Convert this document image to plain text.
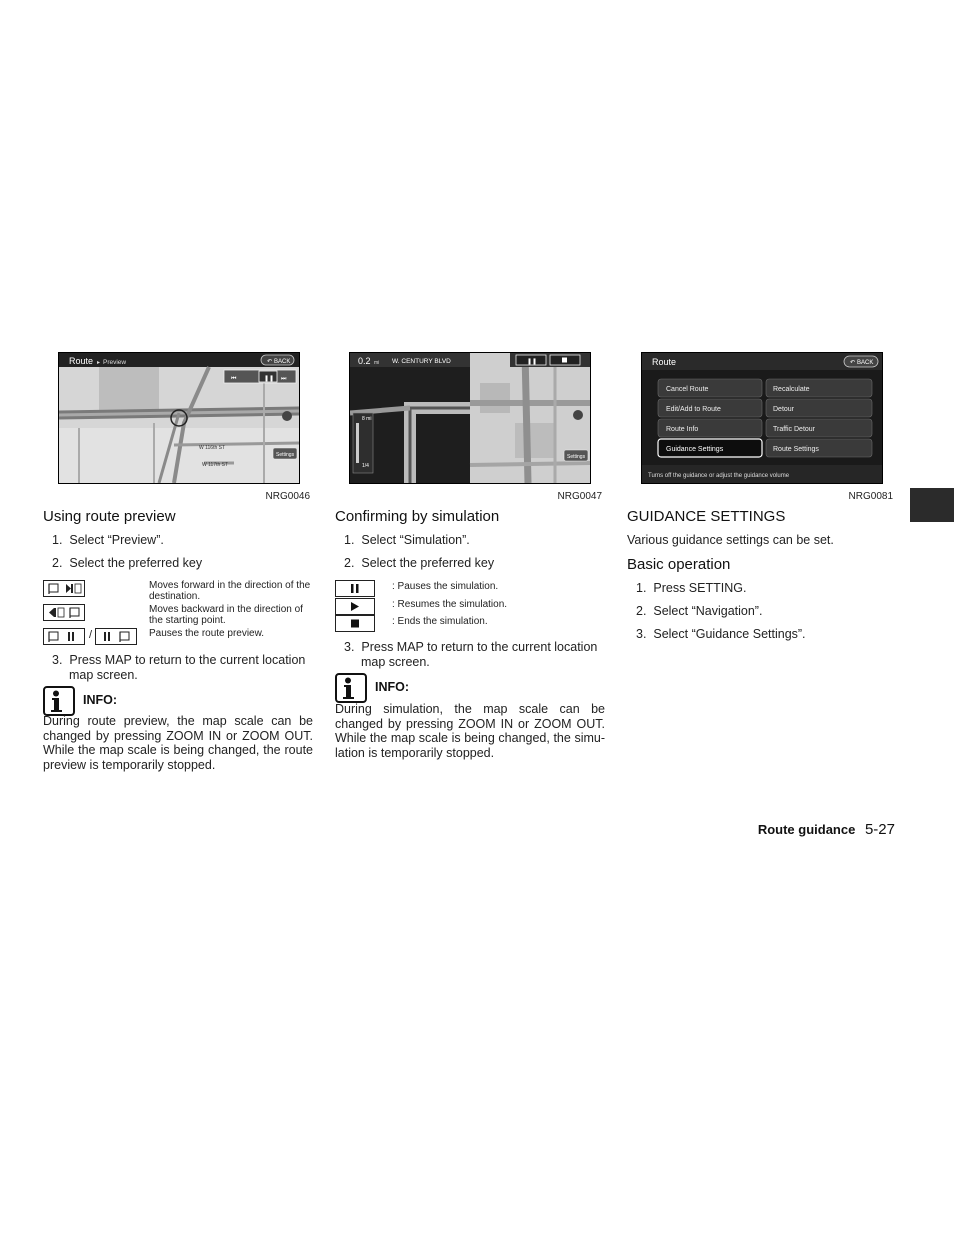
Route ▸ Preview	↶ BACK
W 116th ST
W 117th ST
⏮	❚❚ ⏭
Settings
NRG0046
0.2 mi W. CENTURY BLVD
8 mi
1/4
❚❚
Settings
NRG0047
Route	↶ BACK
Cancel Route
Edit/Add to Route
Route Info
Guidance Settings
Recalculate
Detour
Traffic Detour
Route Settings
Turns off the guidance or adjust the guidance volume
NRG0081
Using route preview

1.  Select “Preview”.

2.  Select the preferred key

Moves forward in the direction of the destination.
Moves backward in the direction of the starting point.
/	Pauses the route preview.

3.  Press MAP to return to the current location map screen.

INFO:

During route preview, the map scale can be changed by pressing ZOOM IN or ZOOM OUT. While the map scale is being changed, the route preview is temporarily stopped.

Confirming by simulation

1.  Select “Simulation”.

2.  Select the preferred key

: Pauses the simulation.
: Resumes the simulation.
: Ends the simulation.

3.  Press MAP to return to the current location map screen.

INFO:

During simulation, the map scale can be changed by pressing ZOOM IN or ZOOM OUT. While the map scale is being changed, the simu-lation is temporarily stopped.

GUIDANCE SETTINGS

Various guidance settings can be set.

Basic operation

1.  Press SETTING.

2.  Select “Navigation”.

3.  Select “Guidance Settings”.

Route guidance 5-27
